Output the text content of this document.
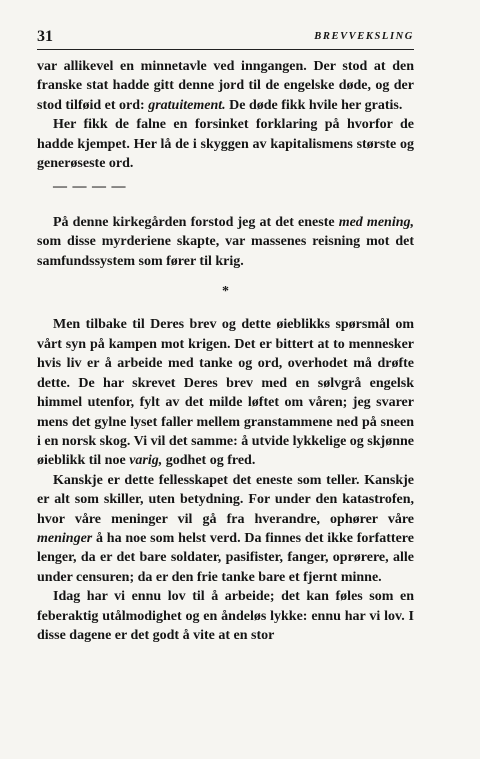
31	BREVVEKSLING

var allikevel en minnetavle ved inngangen. Der stod at den franske stat hadde gitt denne jord til de engelske døde, og der stod tilføid et ord: gratuitement. De døde fikk hvile her gratis.

Her fikk de falne en forsinket forklaring på hvorfor de hadde kjempet. Her lå de i skyggen av kapitalismens største og generøseste ord.

— — — —

På denne kirkegården forstod jeg at det eneste med mening, som disse myrderiene skapte, var massenes reisning mot det samfundssystem som fører til krig.

*

Men tilbake til Deres brev og dette øieblikks spørsmål om vårt syn på kampen mot krigen. Det er bittert at to mennesker hvis liv er å arbeide med tanke og ord, overhodet må drøfte dette. De har skrevet Deres brev med en sølvgrå engelsk himmel utenfor, fylt av det milde løftet om våren; jeg svarer mens det gylne lyset faller mellem granstammene ned på sneen i en norsk skog. Vi vil det samme: å utvide lykkelige og skjønne øieblikk til noe varig, godhet og fred.

Kanskje er dette fellesskapet det eneste som teller. Kanskje er alt som skiller, uten betydning. For under den katastrofen, hvor våre meninger vil gå fra hverandre, ophører våre meninger å ha noe som helst verd. Da finnes det ikke forfattere lenger, da er det bare soldater, pasifister, fanger, oprørere, alle under censuren; da er den frie tanke bare et fjernt minne.

Idag har vi ennu lov til å arbeide; det kan føles som en feberaktig utålmodighet og en åndeløs lykke: ennu har vi lov. I disse dagene er det godt å vite at en stor
